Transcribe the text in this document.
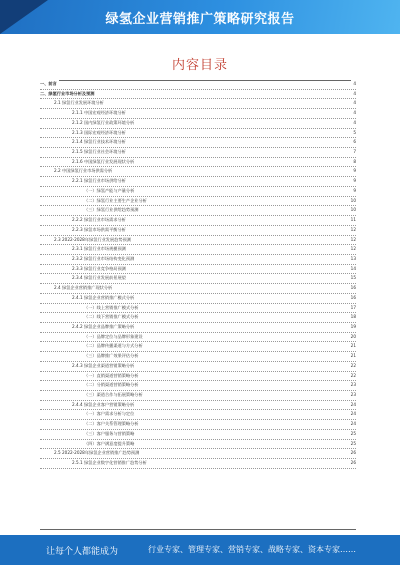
绿氢企业营销推广策略研究报告
内容目录
一、前言	4
二、绿氢行业市场分析及预测	4
2.1 绿氢行业发展环境分析	4
2.1.1 中国宏观经济环境分析	4
2.1.2 国内绿氢行业政策环境分析	4
2.1.3 国际宏观经济环境分析	5
2.1.4 绿氢行业技术环境分析	6
2.1.5 绿氢行业社会环境分析	7
2.1.6 中国绿氢行业发展现状分析	8
2.2 中国绿氢行业市场供需分析	9
2.2.1 绿氢行业市场供给分析	9
（一）绿氢产能与产量分析	9
（二）绿氢行业主要生产企业分析	10
（三）绿氢行业供给趋势预测	10
2.2.2 绿氢行业市场需求分析	11
2.2.3 绿氢市场供需平衡分析	12
2.3 2022-2028年绿氢行业发展趋势预测	12
2.3.1 绿氢行业市场规模预测	12
2.3.2 绿氢行业市场结构变化预测	13
2.3.3 绿氢行业竞争格局预测	14
2.3.4 绿氢行业发展前景展望	15
2.4 绿氢企业营销推广现状分析	16
2.4.1 绿氢企业营销推广模式分析	16
（一）线上营销推广模式分析	17
（二）线下营销推广模式分析	18
2.4.2 绿氢企业品牌推广策略分析	19
（一）品牌定位与品牌形象建设	20
（二）品牌传播渠道与方式分析	21
（三）品牌推广效果评估分析	21
2.4.3 绿氢企业渠道营销策略分析	22
（一）直销渠道营销策略分析	22
（二）分销渠道营销策略分析	23
（三）渠道合作与拓展策略分析	23
2.4.4 绿氢企业客户营销策略分析	24
（一）客户需求分析与定位	24
（二）客户关系管理策略分析	24
（三）客户服务与营销策略	25
（四）客户满意度提升策略	25
2.5 2022-2028年绿氢企业营销推广趋势预测	26
2.5.1 绿氢企业数字化营销推广趋势分析	26
让每个人都能成为	行业专家、管理专家、营销专家、战略专家、资本专家……
